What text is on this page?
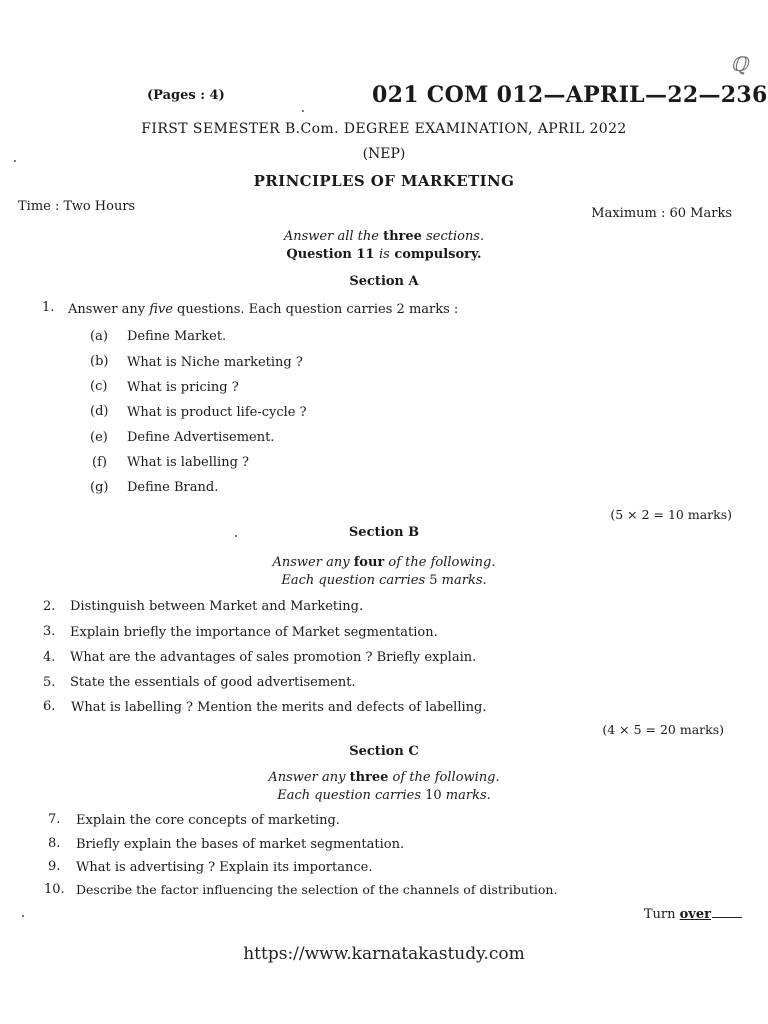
ℚ
(Pages : 4)	021 COM 012—APRIL—22—236
FIRST SEMESTER B.Com. DEGREE EXAMINATION, APRIL 2022
(NEP)
PRINCIPLES OF MARKETING
Time : Two Hours	Maximum : 60 Marks
Answer all the three sections.
Question 11 is compulsory.
Section A
1. Answer any five questions. Each question carries 2 marks :
(a) Define Market.
(b) What is Niche marketing ?
(c) What is pricing ?
(d) What is product life-cycle ?
(e) Define Advertisement.
(f) What is labelling ?
(g) Define Brand.
(5 × 2 = 10 marks)
Section B
Answer any four of the following.
Each question carries 5 marks.
2. Distinguish between Market and Marketing.
3. Explain briefly the importance of Market segmentation.
4. What are the advantages of sales promotion ? Briefly explain.
5. State the essentials of good advertisement.
6. What is labelling ? Mention the merits and defects of labelling.
(4 × 5 = 20 marks)
Section C
Answer any three of the following.
Each question carries 10 marks.
7. Explain the core concepts of marketing.
8. Briefly explain the bases of market segmentation.
9. What is advertising ? Explain its importance.
10. Describe the factor influencing the selection of the channels of distribution.
Turn over
https://www.karnatakastudy.com
